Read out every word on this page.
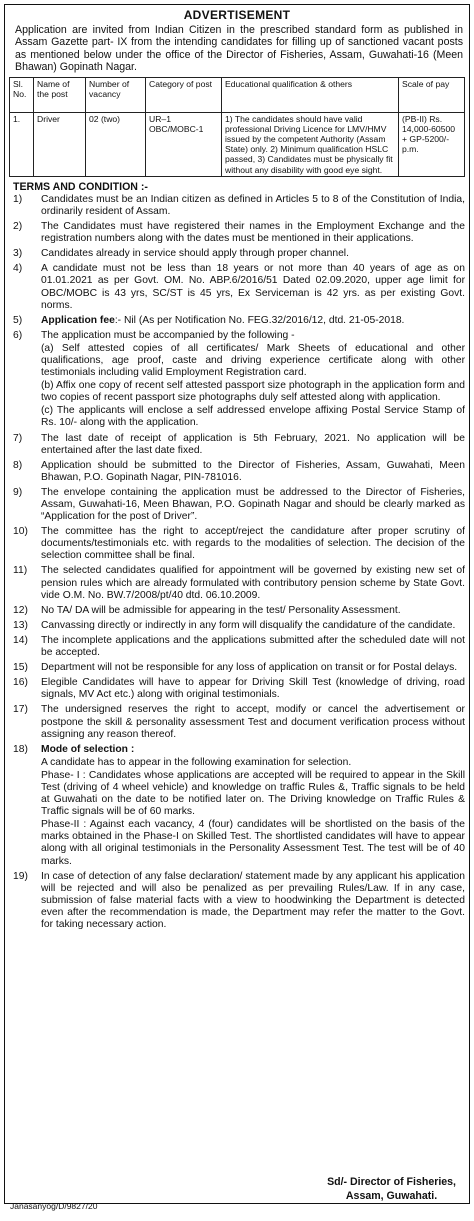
ADVERTISEMENT
Application are invited from Indian Citizen in the prescribed standard form as published in Assam Gazette part- IX from the intending candidates for filling up of sanctioned vacant posts as mentioned below under the office of the Director of Fisheries, Assam, Guwahati-16 (Meen Bhawan) Gopinath Nagar.
Sl. No.	Name of the post	Number of vacancy	Category of post	Educational qualification & others	Scale of pay
1.	Driver	02 (two)	UR–1 OBC/MOBC-1	1) The candidates should have valid professional Driving Licence for LMV/HMV issued by the competent Authority (Assam State) only. 2) Minimum qualification HSLC passed, 3) Candidates must be physically fit without any disability with good eye sight.	(PB-II) Rs. 14,000-60500 + GP-5200/- p.m.
TERMS AND CONDITION :-
1)	Candidates must be an Indian citizen as defined in Articles 5 to 8 of the Constitution of India, ordinarily resident of Assam.
2)	The Candidates must have registered their names in the Employment Exchange and the registration numbers along with the dates must be mentioned in their applications.
3)	Candidates already in service should apply through proper channel.
4)	A candidate must not be less than 18 years or not more than 40 years of age as on 01.01.2021 as per Govt. OM. No. ABP.6/2016/51 Dated 02.09.2020, upper age limit for OBC/MOBC is 43 yrs, SC/ST is 45 yrs, Ex Serviceman is 42 yrs. as per existing Govt. norms.
5)	Application fee:- Nil (As per Notification No. FEG.32/2016/12, dtd. 21-05-2018.
6)	The application must be accompanied by the following -
(a) Self attested copies of all certificates/ Mark Sheets of educational and other qualifications, age proof, caste and driving experience certificate along with other testimonials including valid Employment Registration card.
(b) Affix one copy of recent self attested passport size photograph in the application form and two copies of recent passport size photographs duly self attested along with application.
(c) The applicants will enclose a self addressed envelope affixing Postal Service Stamp of Rs. 10/- along with the application.
7)	The last date of receipt of application is 5th February, 2021. No application will be entertained after the last date fixed.
8)	Application should be submitted to the Director of Fisheries, Assam, Guwahati, Meen Bhawan, P.O. Gopinath Nagar, PIN-781016.
9)	The envelope containing the application must be addressed to the Director of Fisheries, Assam, Guwahati-16, Meen Bhawan, P.O. Gopinath Nagar and should be clearly marked as “Application for the post of Driver”.
10)	The committee has the right to accept/reject the candidature after proper scrutiny of documents/testimonials etc. with regards to the modalities of selection. The decision of the selection committee shall be final.
11)	The selected candidates qualified for appointment will be governed by existing new set of pension rules which are already formulated with contributory pension scheme by State Govt. vide O.M. No. BW.7/2008/pt/40 dtd. 06.10.2009.
12)	No TA/ DA will be admissible for appearing in the test/ Personality Assessment.
13)	Canvassing directly or indirectly in any form will disqualify the candidature of the candidate.
14)	The incomplete applications and the applications submitted after the scheduled date will not be accepted.
15)	Department will not be responsible for any loss of application on transit or for Postal delays.
16)	Elegible Candidates will have to appear for Driving Skill Test (knowledge of driving, road signals, MV Act etc.) along with original testimonials.
17)	The undersigned reserves the right to accept, modify or cancel the advertisement or postpone the skill & personality assessment Test and document verification process without assigning any reason thereof.
18)	Mode of selection :
A candidate has to appear in the following examination for selection.
Phase- I : Candidates whose applications are accepted will be required to appear in the Skill Test (driving of 4 wheel vehicle) and knowledge on traffic Rules &, Traffic signals to be held at Guwahati on the date to be notified later on. The Driving knowledge on Traffic Rules & Traffic signals will be of 60 marks.
Phase-II : Against each vacancy, 4 (four) candidates will be shortlisted on the basis of the marks obtained in the Phase-I on Skilled Test. The shortlisted candidates will have to appear along with all original testimonials in the Personality Assessment Test. The test will be of 40 marks.
19)	In case of detection of any false declaration/ statement made by any applicant his application will be rejected and will also be penalized as per prevailing Rules/Law. If in any case, submission of false material facts with a view to hoodwinking the Department is detected even after the recommendation is made, the Department may refer the matter to the Govt. for taking necessary action.
Sd/- Director of Fisheries,
Assam, Guwahati.
Janasanyog/D/9827/20
